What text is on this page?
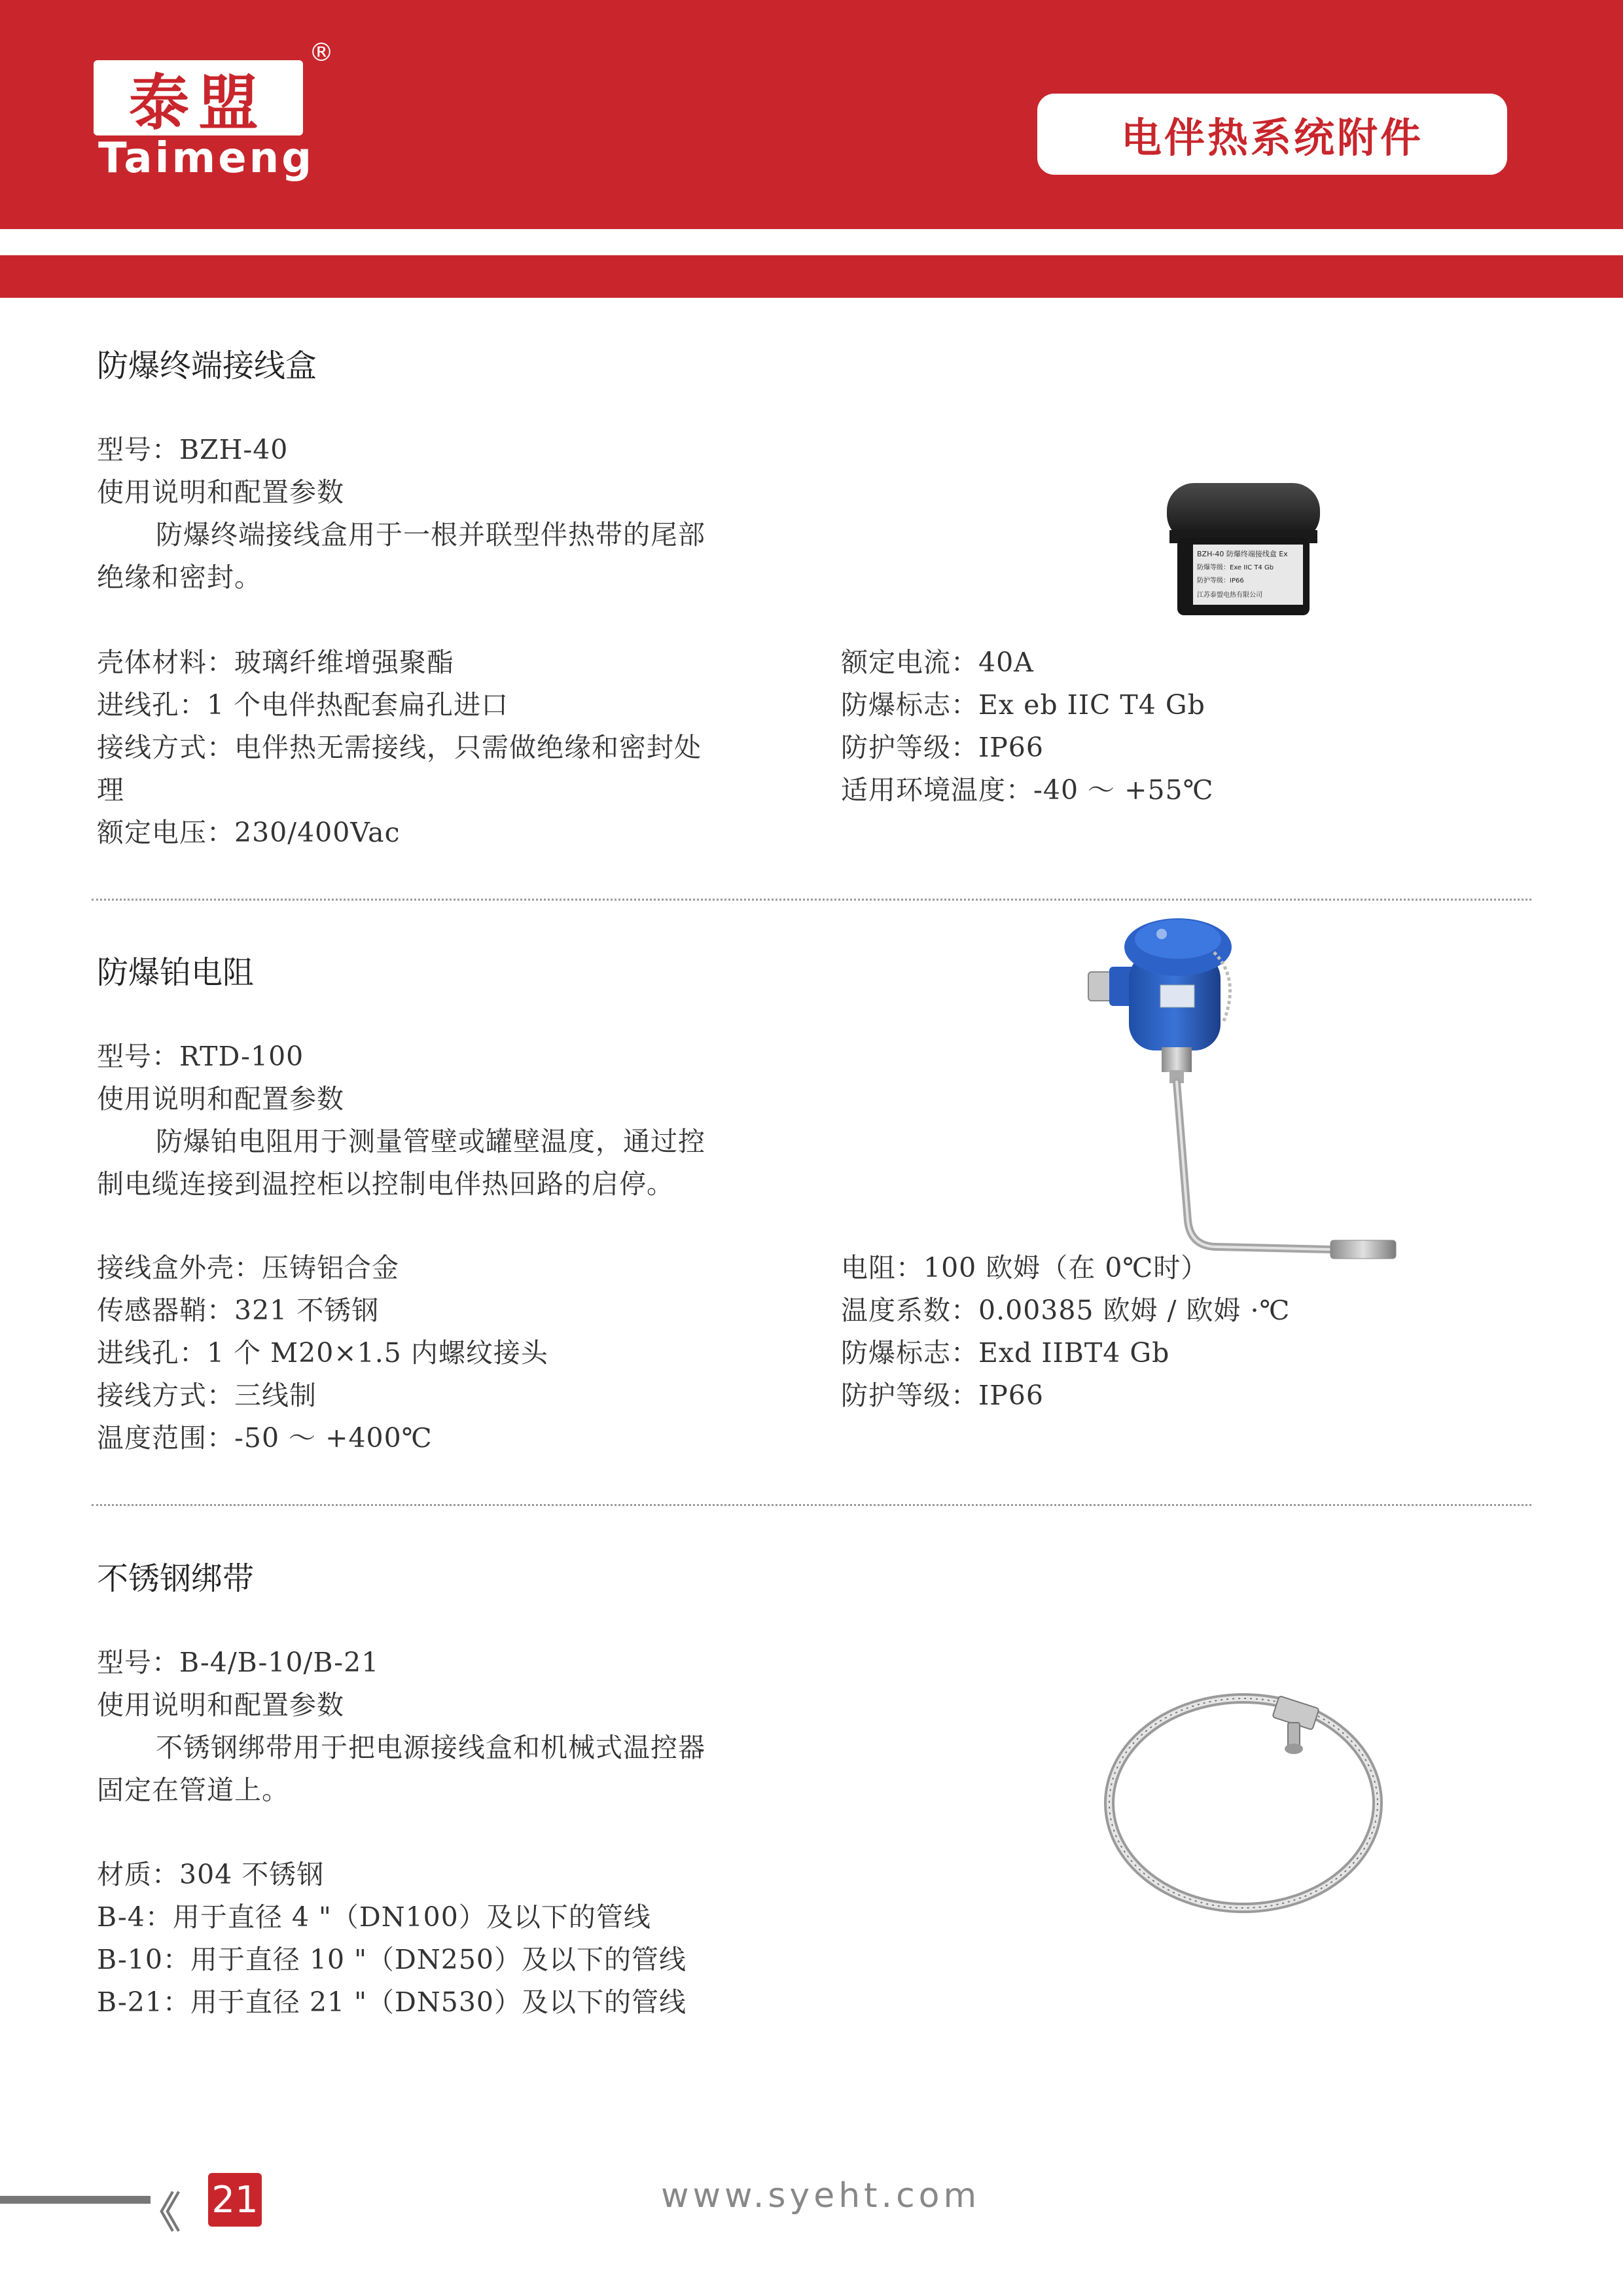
泰盟
®
Taimeng	电伴热系统附件
防爆终端接线盒
型号：BZH-40
使用说明和配置参数
防爆终端接线盒用于一根并联型伴热带的尾部
绝缘和密封。
壳体材料：玻璃纤维增强聚酯
进线孔：1 个电伴热配套扁孔进口
接线方式：电伴热无需接线，只需做绝缘和密封处
理
额定电压：230/400Vac
额定电流：40A
防爆标志：Ex eb IIC T4 Gb
防护等级：IP66
适用环境温度：-40 ～ +55℃
BZH-40 防爆终端接线盒 Ex
防爆等级：Exe IIC T4 Gb
防护等级：IP66
江苏泰盟电热有限公司
防爆铂电阻
型号：RTD-100
使用说明和配置参数
防爆铂电阻用于测量管壁或罐壁温度，通过控
制电缆连接到温控柜以控制电伴热回路的启停。
接线盒外壳：压铸铝合金
传感器鞘：321 不锈钢
进线孔：1 个 M20×1.5 内螺纹接头
接线方式：三线制
温度范围：-50 ～ +400℃
电阻：100 欧姆（在 0℃时）
温度系数：0.00385 欧姆 / 欧姆 ·℃
防爆标志：Exd IIBT4 Gb
防护等级：IP66
不锈钢绑带
型号：B-4/B-10/B-21
使用说明和配置参数
不锈钢绑带用于把电源接线盒和机械式温控器
固定在管道上。
材质：304 不锈钢
B-4：用于直径 4 "（DN100）及以下的管线
B-10：用于直径 10 "（DN250）及以下的管线
B-21：用于直径 21 "（DN530）及以下的管线
《 21	www.syeht.com
